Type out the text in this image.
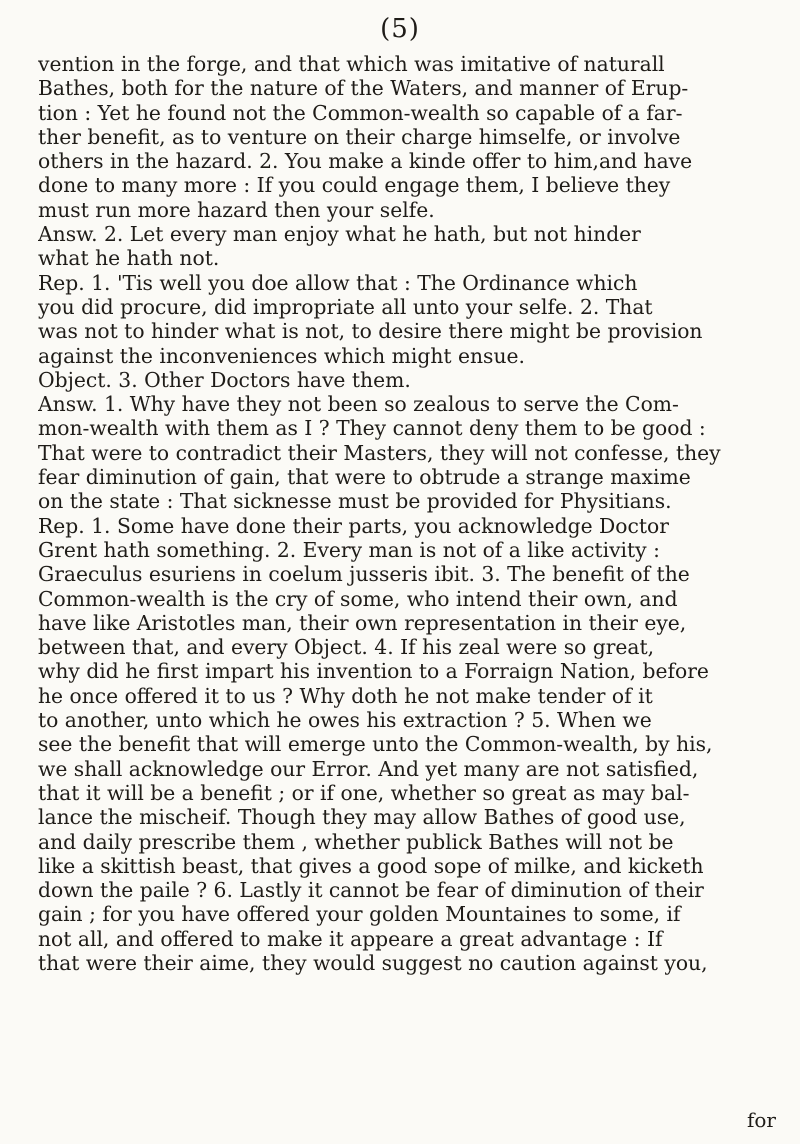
(5)
vention in the forge, and that which was imitative of naturall
Bathes, both for the nature of the Waters, and manner of Erup-
tion : Yet he found not the Common-wealth so capable of a far-
ther benefit, as to venture on their charge himselfe, or involve
others in the hazard. 2. You make a kinde offer to him,and have
done to many more : If you could engage them, I believe they
must run more hazard then your selfe.
Answ. 2. Let every man enjoy what he hath, but not hinder
what he hath not.
Rep. 1. 'Tis well you doe allow that : The Ordinance which
you did procure, did impropriate all unto your selfe. 2. That
was not to hinder what is not, to desire there might be provision
against the inconveniences which might ensue.
Object. 3. Other Doctors have them.
Answ. 1. Why have they not been so zealous to serve the Com-
mon-wealth with them as I ? They cannot deny them to be good :
That were to contradict their Masters, they will not confesse, they
fear diminution of gain, that were to obtrude a strange maxime
on the state : That sicknesse must be provided for Physitians.
Rep. 1. Some have done their parts, you acknowledge Doctor
Grent hath something. 2. Every man is not of a like activity :
Graeculus esuriens in coelum jusseris ibit. 3. The benefit of the
Common-wealth is the cry of some, who intend their own, and
have like Aristotles man, their own representation in their eye,
between that, and every Object. 4. If his zeal were so great,
why did he first impart his invention to a Forraign Nation, before
he once offered it to us ? Why doth he not make tender of it
to another, unto which he owes his extraction ? 5. When we
see the benefit that will emerge unto the Common-wealth, by his,
we shall acknowledge our Error. And yet many are not satisfied,
that it will be a benefit ; or if one, whether so great as may bal-
lance the mischeif. Though they may allow Bathes of good use,
and daily prescribe them , whether publick Bathes will not be
like a skittish beast, that gives a good sope of milke, and kicketh
down the paile ? 6. Lastly it cannot be fear of diminution of their
gain ; for you have offered your golden Mountaines to some, if
not all, and offered to make it appeare a great advantage : If
that were their aime, they would suggest no caution against you,
for
